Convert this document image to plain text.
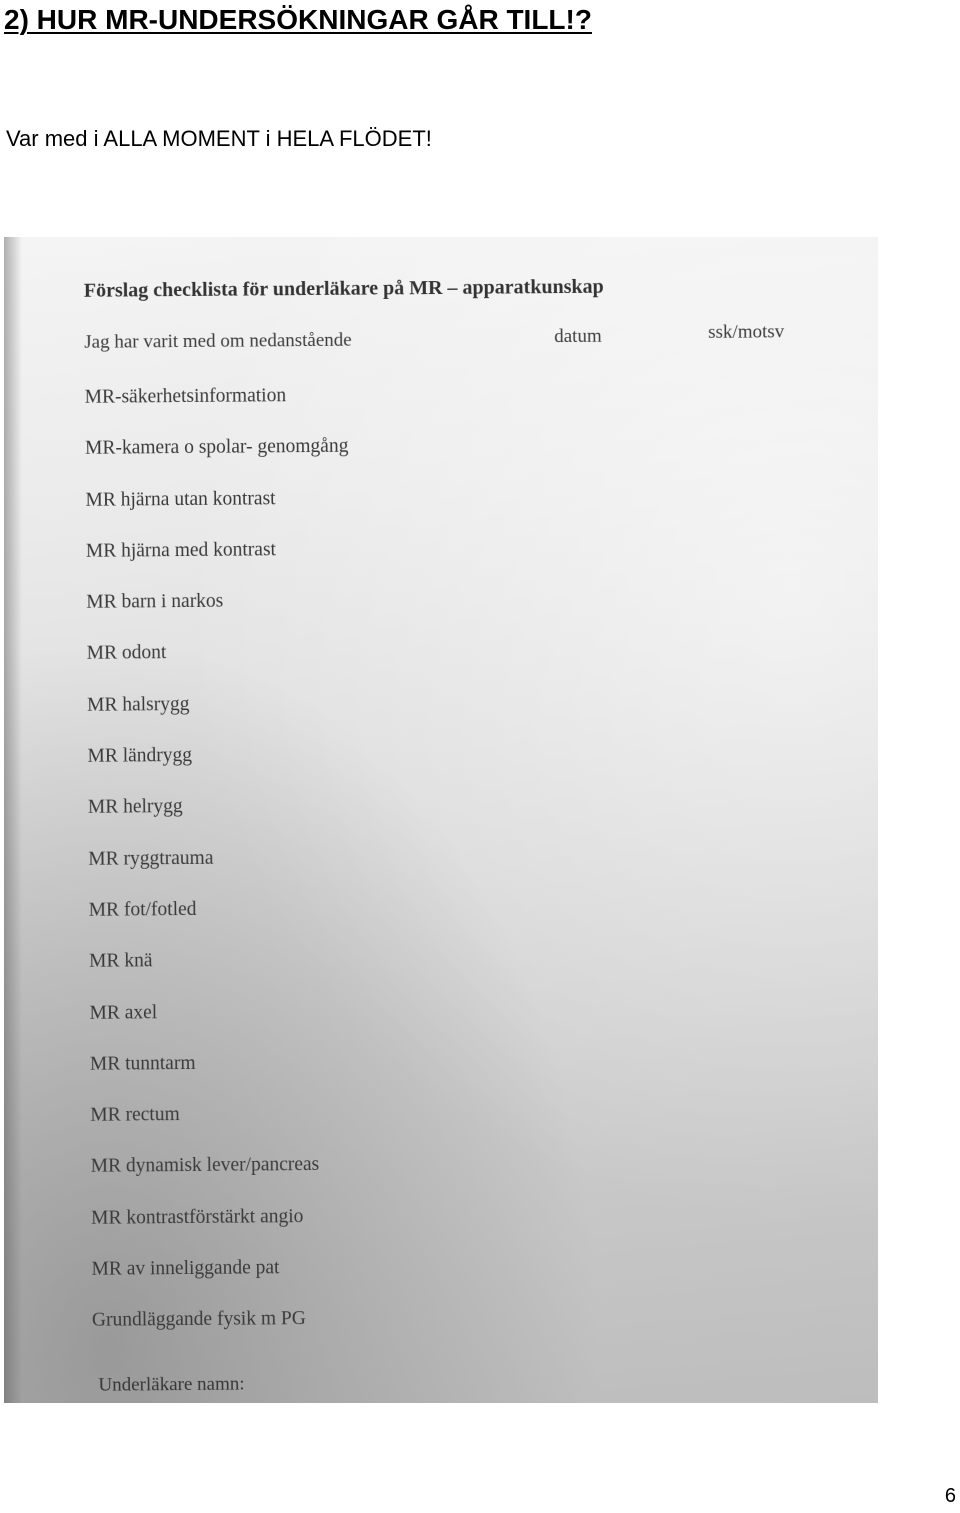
2) HUR MR-UNDERSÖKNINGAR GÅR TILL!?

Var med i ALLA MOMENT i HELA FLÖDET!

Förslag checklista för underläkare på MR – apparatkunskap
Jag har varit med om nedanstående	datum	ssk/motsv
MR-säkerhetsinformation
MR-kamera o spolar- genomgång
MR hjärna utan kontrast
MR hjärna med kontrast
MR barn i narkos
MR odont
MR halsrygg
MR ländrygg
MR helrygg
MR ryggtrauma
MR fot/fotled
MR knä
MR axel
MR tunntarm
MR rectum
MR dynamisk lever/pancreas
MR kontrastförstärkt angio
MR av inneliggande pat
Grundläggande fysik m PG
Underläkare namn:
6
